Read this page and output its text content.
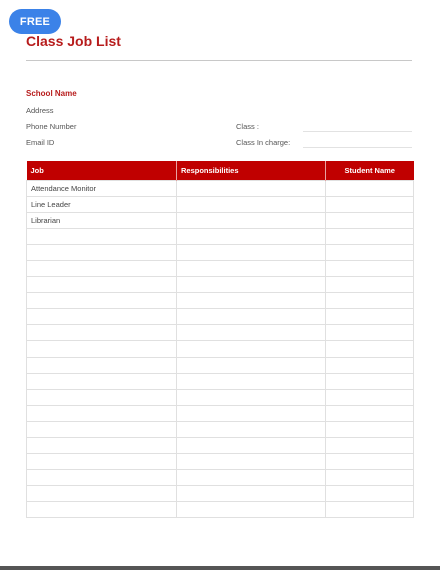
FREE
Class Job List
School Name
Address
Phone Number
Email ID
Class :
Class In charge:
Job	Responsibilities	Student Name
Attendance Monitor		
Line Leader		
Librarian		
